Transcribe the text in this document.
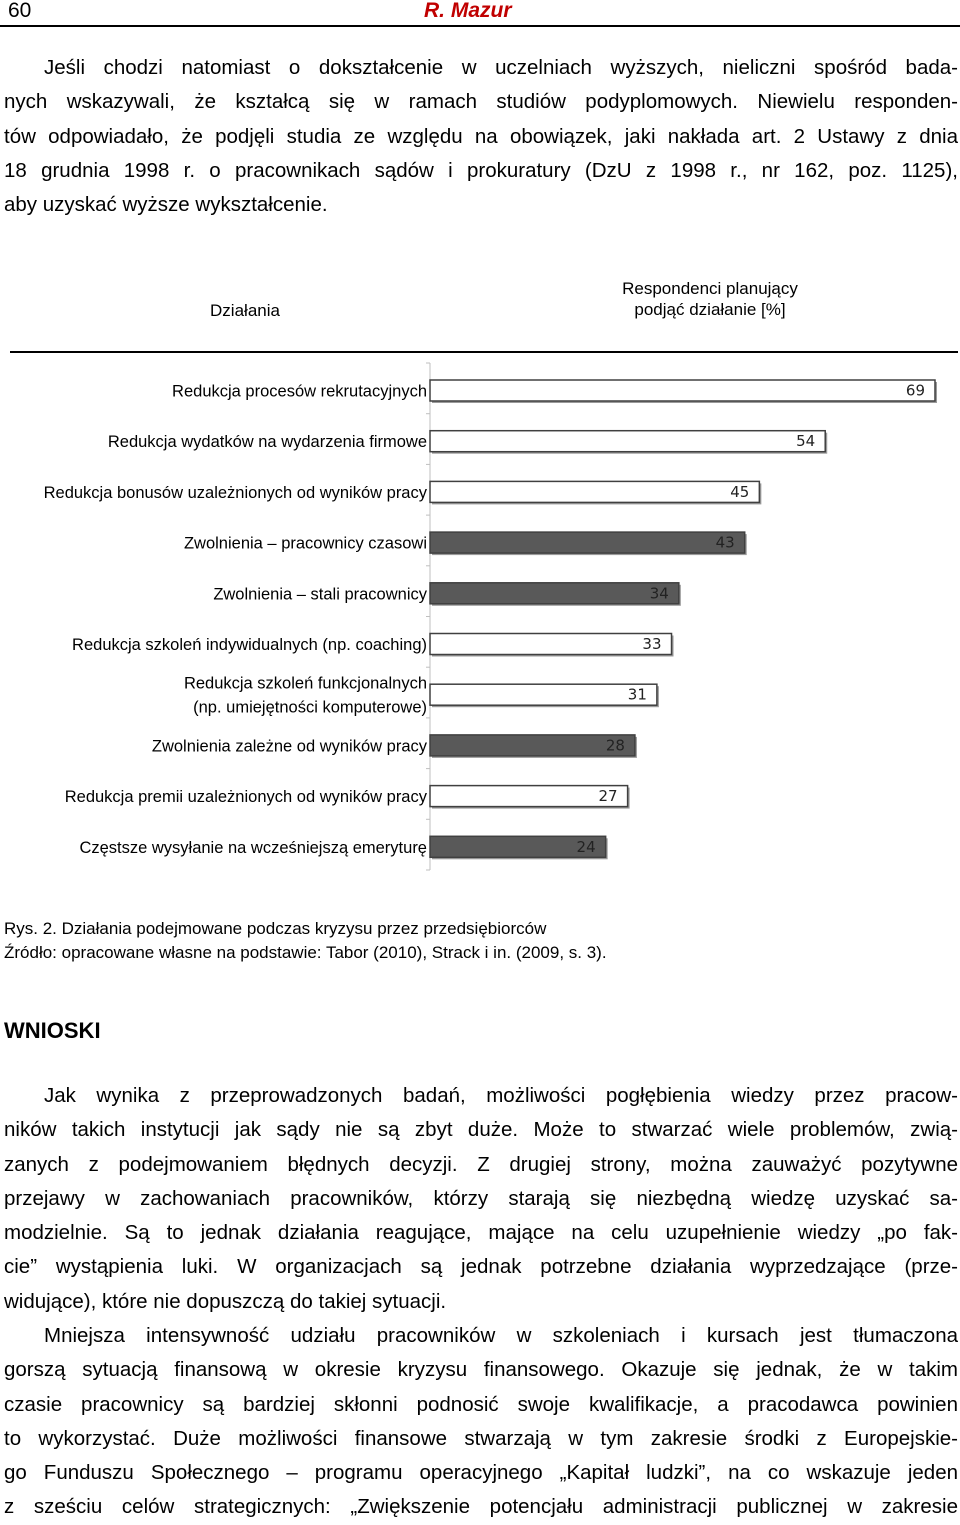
60	R. Mazur
Jeśli chodzi natomiast o dokształcenie w uczelniach wyższych, nieliczni spośród bada-
nych wskazywali, że kształcą się w ramach studiów podyplomowych. Niewielu responden-
tów odpowiadało, że podjęli studia ze względu na obowiązek, jaki nakłada art. 2 Ustawy z dnia
18 grudnia 1998 r. o pracownikach sądów i prokuratury (DzU z 1998 r., nr 162, poz. 1125),
aby uzyskać wyższe wykształcenie.
Działania
Respondenci planujący
podjąć działanie [%]
69
Redukcja procesów rekrutacyjnych
54
Redukcja wydatków na wydarzenia firmowe
45
Redukcja bonusów uzależnionych od wyników pracy
43
Zwolnienia – pracownicy czasowi
34
Zwolnienia – stali pracownicy
33
Redukcja szkoleń indywidualnych (np. coaching)
31
Redukcja szkoleń funkcjonalnych
(np. umiejętności komputerowe)
28
Zwolnienia zależne od wyników pracy
27
Redukcja premii uzależnionych od wyników pracy
24
Częstsze wysyłanie na wcześniejszą emeryturę
Rys. 2. Działania podejmowane podczas kryzysu przez przedsiębiorców
Źródło: opracowane własne na podstawie: Tabor (2010), Strack i in. (2009, s. 3).
WNIOSKI
Jak wynika z przeprowadzonych badań, możliwości pogłębienia wiedzy przez pracow-
ników takich instytucji jak sądy nie są zbyt duże. Może to stwarzać wiele problemów, zwią-
zanych z podejmowaniem błędnych decyzji. Z drugiej strony, można zauważyć pozytywne
przejawy w zachowaniach pracowników, którzy starają się niezbędną wiedzę uzyskać sa-
modzielnie. Są to jednak działania reagujące, mające na celu uzupełnienie wiedzy „po fak-
cie” wystąpienia luki. W organizacjach są jednak potrzebne działania wyprzedzające (prze-
widujące), które nie dopuszczą do takiej sytuacji.
Mniejsza intensywność udziału pracowników w szkoleniach i kursach jest tłumaczona
gorszą sytuacją finansową w okresie kryzysu finansowego. Okazuje się jednak, że w takim
czasie pracownicy są bardziej skłonni podnosić swoje kwalifikacje, a pracodawca powinien
to wykorzystać. Duże możliwości finansowe stwarzają w tym zakresie środki z Europejskie-
go Funduszu Społecznego – programu operacyjnego „Kapitał ludzki”, na co wskazuje jeden
z sześciu celów strategicznych: „Zwiększenie potencjału administracji publicznej w zakresie
